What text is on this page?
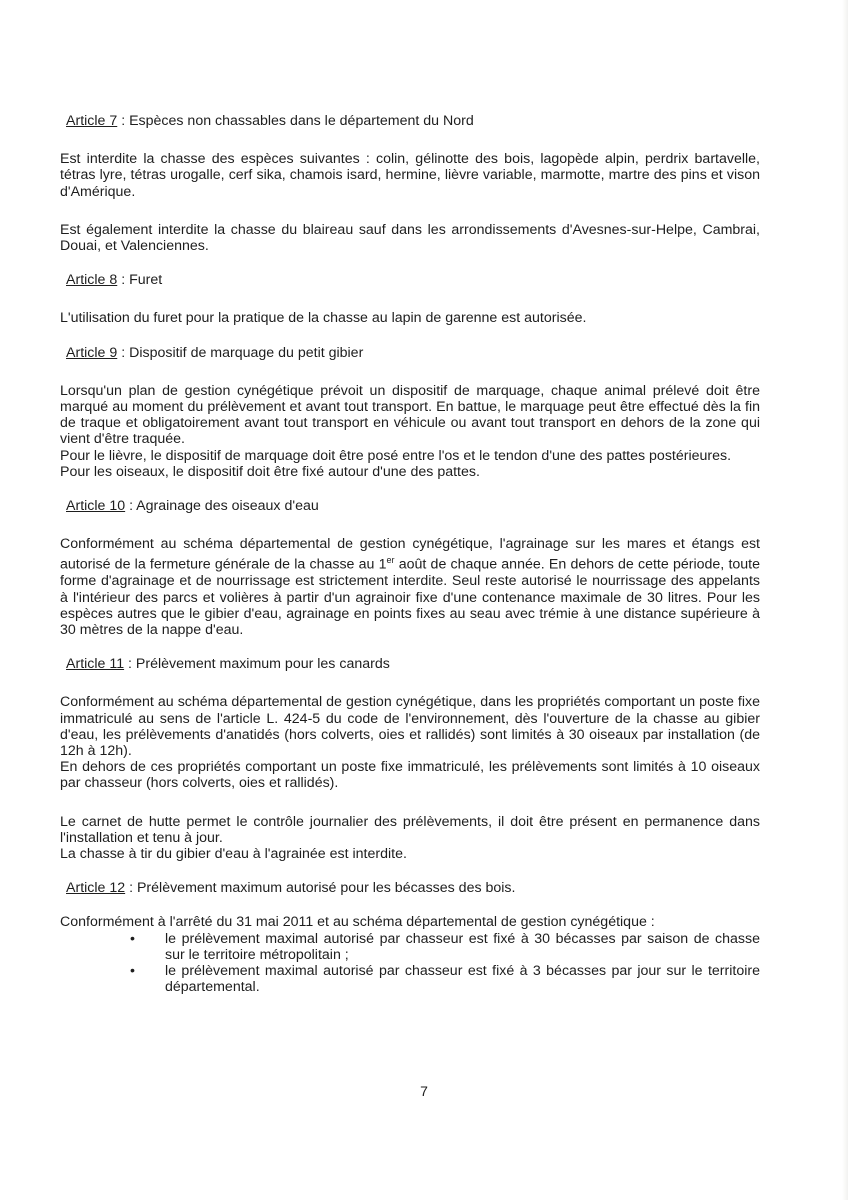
Article 7 : Espèces non chassables dans le département du Nord

Est interdite la chasse des espèces suivantes : colin, gélinotte des bois, lagopède alpin, perdrix bartavelle, tétras lyre, tétras urogalle, cerf sika, chamois isard, hermine, lièvre variable, marmotte, martre des pins et vison d'Amérique.

Est également interdite la chasse du blaireau sauf dans les arrondissements d'Avesnes-sur-Helpe, Cambrai, Douai, et Valenciennes.

Article 8 : Furet

L'utilisation du furet pour la pratique de la chasse au lapin de garenne est autorisée.

Article 9 : Dispositif de marquage du petit gibier

Lorsqu'un plan de gestion cynégétique prévoit un dispositif de marquage, chaque animal prélevé doit être marqué au moment du prélèvement et avant tout transport. En battue, le marquage peut être effectué dès la fin de traque et obligatoirement avant tout transport en véhicule ou avant tout transport en dehors de la zone qui vient d'être traquée.

Pour le lièvre, le dispositif de marquage doit être posé entre l'os et le tendon d'une des pattes postérieures.

Pour les oiseaux, le dispositif doit être fixé autour d'une des pattes.

Article 10 : Agrainage des oiseaux d'eau

Conformément au schéma départemental de gestion cynégétique, l'agrainage sur les mares et étangs est autorisé de la fermeture générale de la chasse au 1er août de chaque année. En dehors de cette période, toute forme d'agrainage et de nourrissage est strictement interdite. Seul reste autorisé le nourrissage des appelants à l'intérieur des parcs et volières à partir d'un agrainoir fixe d'une contenance maximale de 30 litres. Pour les espèces autres que le gibier d'eau, agrainage en points fixes au seau avec trémie à une distance supérieure à 30 mètres de la nappe d'eau.

Article 11 : Prélèvement maximum pour les canards

Conformément au schéma départemental de gestion cynégétique, dans les propriétés comportant un poste fixe immatriculé au sens de l'article L. 424-5 du code de l'environnement, dès l'ouverture de la chasse au gibier d'eau, les prélèvements d'anatidés (hors colverts, oies et rallidés) sont limités à 30 oiseaux par installation (de 12h à 12h).

En dehors de ces propriétés comportant un poste fixe immatriculé, les prélèvements sont limités à 10 oiseaux par chasseur (hors colverts, oies et rallidés).

Le carnet de hutte permet le contrôle journalier des prélèvements, il doit être présent en permanence dans l'installation et tenu à jour.

La chasse à tir du gibier d'eau à l'agrainée est interdite.

Article 12 : Prélèvement maximum autorisé pour les bécasses des bois.

Conformément à l'arrêté du 31 mai 2011 et au schéma départemental de gestion cynégétique :

• le prélèvement maximal autorisé par chasseur est fixé à 30 bécasses par saison de chasse sur le territoire métropolitain ;
• le prélèvement maximal autorisé par chasseur est fixé à 3 bécasses par jour sur le territoire départemental.
7
